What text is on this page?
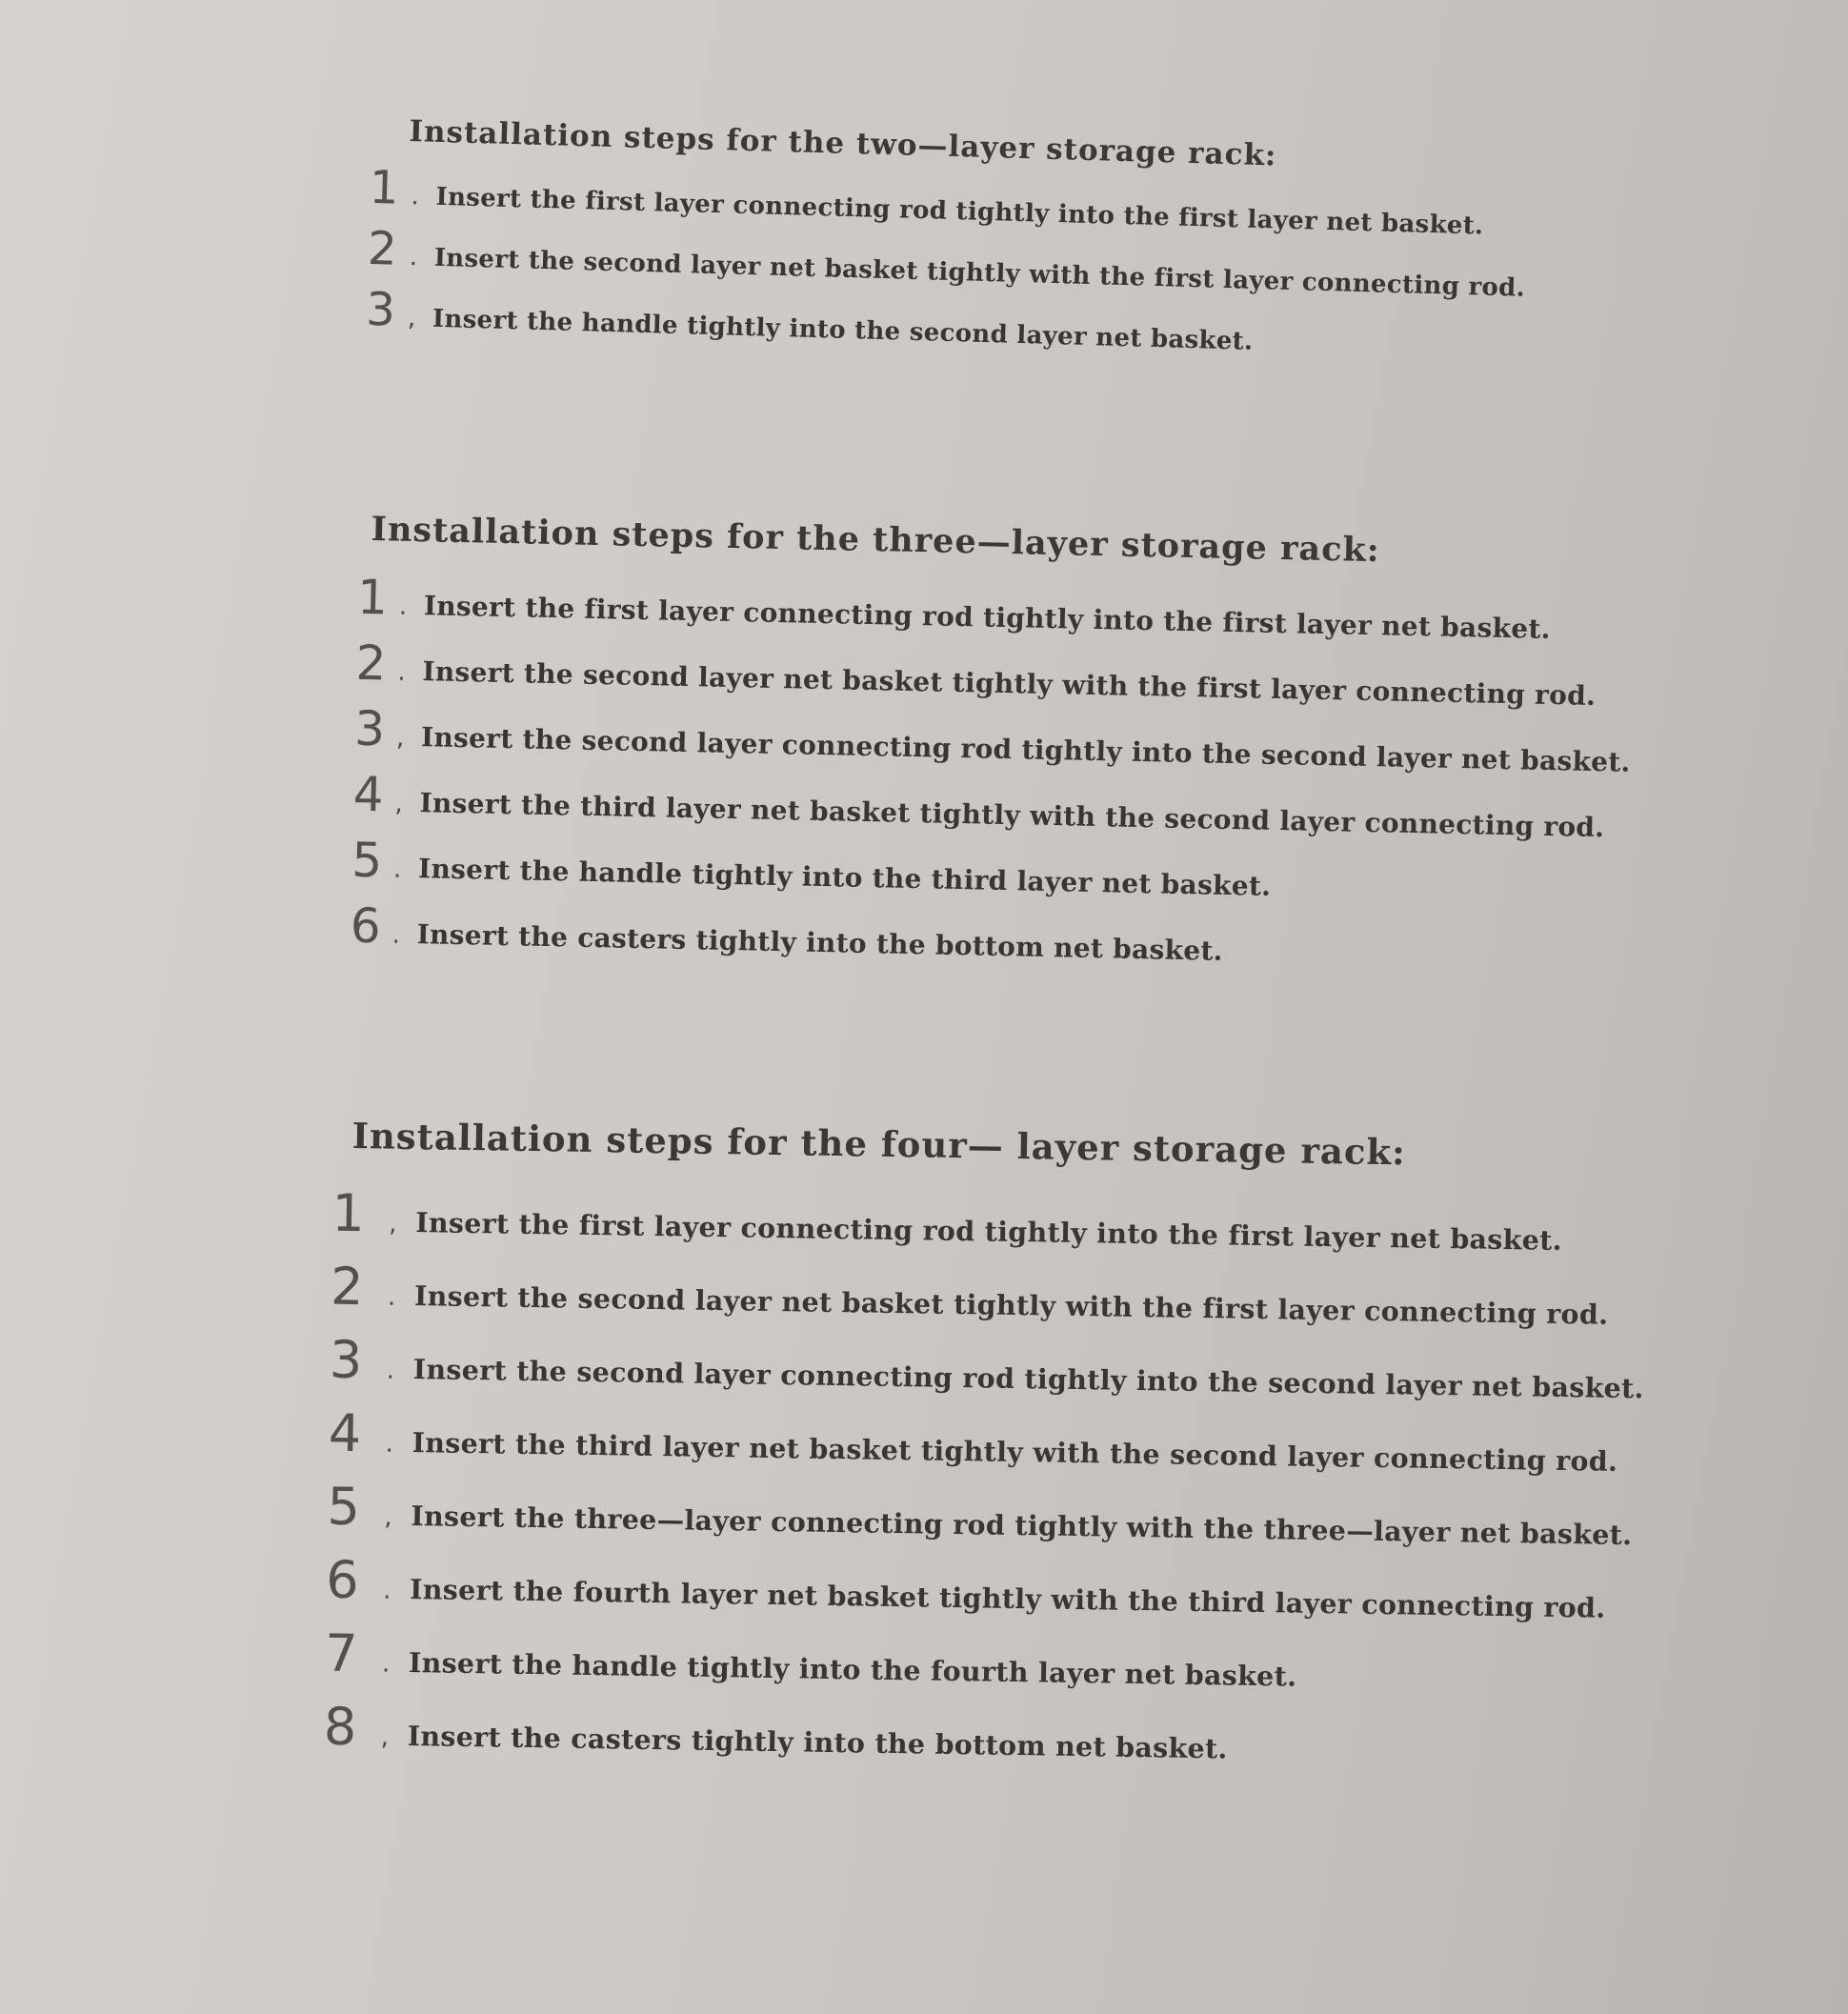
Installation steps for the two—layer storage rack:
1 . Insert the first layer connecting rod tightly into the first layer net basket.
2 . Insert the second layer net basket tightly with the first layer connecting rod.
3 , Insert the handle tightly into the second layer net basket.
Installation steps for the three—layer storage rack:
1 . Insert the first layer connecting rod tightly into the first layer net basket.
2 . Insert the second layer net basket tightly with the first layer connecting rod.
3 , Insert the second layer connecting rod tightly into the second layer net basket.
4 , Insert the third layer net basket tightly with the second layer connecting rod.
5 . Insert the handle tightly into the third layer net basket.
6 . Insert the casters tightly into the bottom net basket.
Installation steps for the four— layer storage rack:
1 , Insert the first layer connecting rod tightly into the first layer net basket.
2 . Insert the second layer net basket tightly with the first layer connecting rod.
3 . Insert the second layer connecting rod tightly into the second layer net basket.
4 . Insert the third layer net basket tightly with the second layer connecting rod.
5 , Insert the three—layer connecting rod tightly with the three—layer net basket.
6 . Insert the fourth layer net basket tightly with the third layer connecting rod.
7 . Insert the handle tightly into the fourth layer net basket.
8 , Insert the casters tightly into the bottom net basket.
